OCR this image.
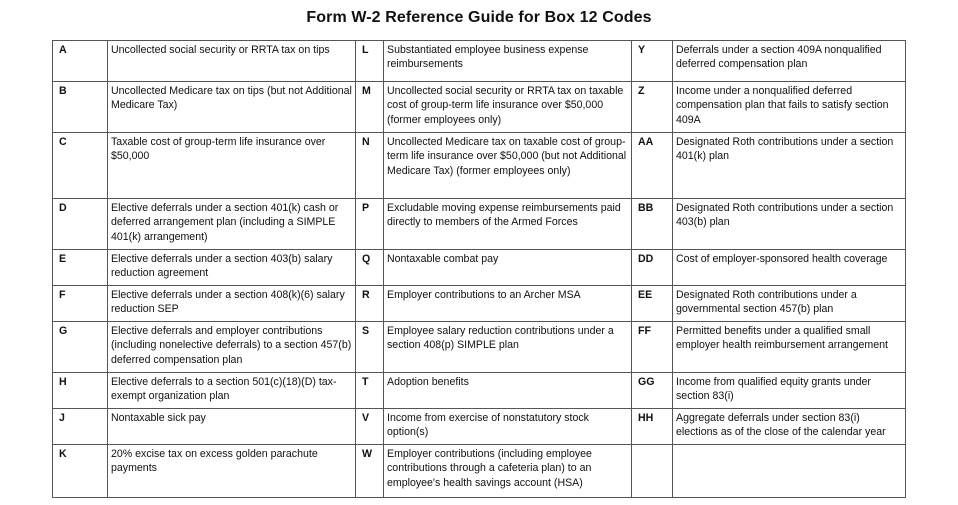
Form W-2 Reference Guide for Box 12 Codes
A	Uncollected social security or RRTA tax on tips	L	Substantiated employee business expense reimbursements	Y	Deferrals under a section 409A nonqualified deferred compensation plan
B	Uncollected Medicare tax on tips (but not Additional Medicare Tax)	M	Uncollected social security or RRTA tax on taxable cost of group-term life insurance over $50,000 (former employees only)	Z	Income under a nonqualified deferred compensation plan that fails to satisfy section 409A
C	Taxable cost of group-term life insurance over $50,000	N	Uncollected Medicare tax on taxable cost of group-term life insurance over $50,000 (but not Additional Medicare Tax) (former employees only)	AA	Designated Roth contributions under a section 401(k) plan
D	Elective deferrals under a section 401(k) cash or deferred arrangement plan (including a SIMPLE 401(k) arrangement)	P	Excludable moving expense reimbursements paid directly to members of the Armed Forces	BB	Designated Roth contributions under a section 403(b) plan
E	Elective deferrals under a section 403(b) salary reduction agreement	Q	Nontaxable combat pay	DD	Cost of employer-sponsored health coverage
F	Elective deferrals under a section 408(k)(6) salary reduction SEP	R	Employer contributions to an Archer MSA	EE	Designated Roth contributions under a governmental section 457(b) plan
G	Elective deferrals and employer contributions (including nonelective deferrals) to a section 457(b) deferred compensation plan	S	Employee salary reduction contributions under a section 408(p) SIMPLE plan	FF	Permitted benefits under a qualified small employer health reimbursement arrangement
H	Elective deferrals to a section 501(c)(18)(D) tax-exempt organization plan	T	Adoption benefits	GG	Income from qualified equity grants under section 83(i)
J	Nontaxable sick pay	V	Income from exercise of nonstatutory stock option(s)	HH	Aggregate deferrals under section 83(i) elections as of the close of the calendar year
K	20% excise tax on excess golden parachute payments	W	Employer contributions (including employee contributions through a cafeteria plan) to an employee's health savings account (HSA)		
